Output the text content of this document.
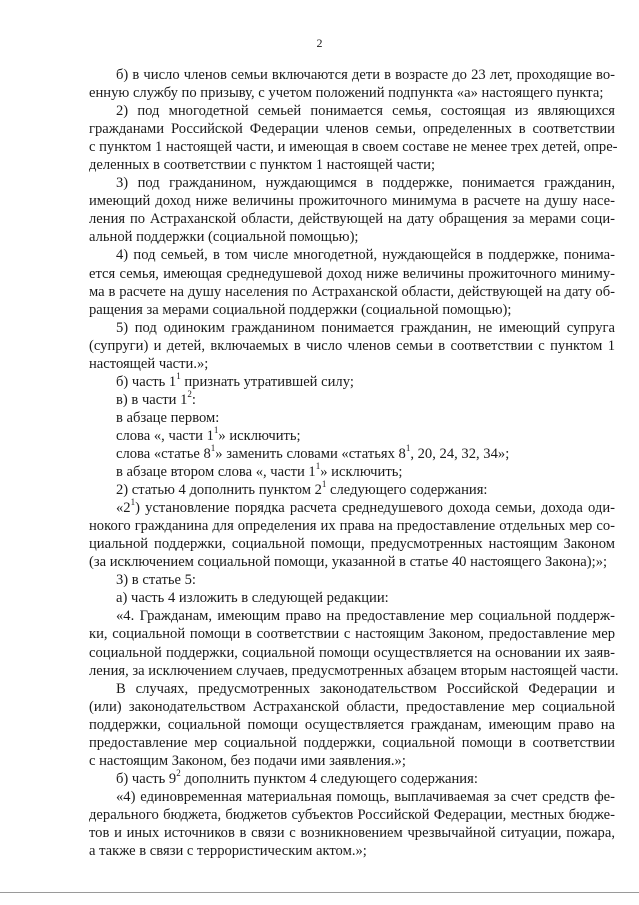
2
б) в число членов семьи включаются дети в возрасте до 23 лет, проходящие во-
енную службу по призыву, с учетом положений подпункта «а» настоящего пункта;
2) под многодетной семьей понимается семья, состоящая из являющихся
гражданами Российской Федерации членов семьи, определенных в соответствии
с пунктом 1 настоящей части, и имеющая в своем составе не менее трех детей, опре-
деленных в соответствии с пунктом 1 настоящей части;
3) под гражданином, нуждающимся в поддержке, понимается гражданин,
имеющий доход ниже величины прожиточного минимума в расчете на душу насе-
ления по Астраханской области, действующей на дату обращения за мерами соци-
альной поддержки (социальной помощью);
4) под семьей, в том числе многодетной, нуждающейся в поддержке, понима-
ется семья, имеющая среднедушевой доход ниже величины прожиточного миниму-
ма в расчете на душу населения по Астраханской области, действующей на дату об-
ращения за мерами социальной поддержки (социальной помощью);
5) под одиноким гражданином понимается гражданин, не имеющий супруга
(супруги) и детей, включаемых в число членов семьи в соответствии с пунктом 1
настоящей части.»;
б) часть $1^1$ признать утратившей силу;
в) в части $1^2$:
в абзаце первом:
слова «, части $1^1$» исключить;
слова «статье $8^1$» заменить словами «статьях $8^1$, 20, 24, 32, 34»;
в абзаце втором слова «, части $1^1$» исключить;
2) статью 4 дополнить пунктом $2^1$ следующего содержания:
«$2^1$) установление порядка расчета среднедушевого дохода семьи, дохода оди-
нокого гражданина для определения их права на предоставление отдельных мер со-
циальной поддержки, социальной помощи, предусмотренных настоящим Законом
(за исключением социальной помощи, указанной в статье 40 настоящего Закона);»;
3) в статье 5:
а) часть 4 изложить в следующей редакции:
«4. Гражданам, имеющим право на предоставление мер социальной поддерж-
ки, социальной помощи в соответствии с настоящим Законом, предоставление мер
социальной поддержки, социальной помощи осуществляется на основании их заяв-
ления, за исключением случаев, предусмотренных абзацем вторым настоящей части.
В случаях, предусмотренных законодательством Российской Федерации и
(или) законодательством Астраханской области, предоставление мер социальной
поддержки, социальной помощи осуществляется гражданам, имеющим право на
предоставление мер социальной поддержки, социальной помощи в соответствии
с настоящим Законом, без подачи ими заявления.»;
б) часть $9^2$ дополнить пунктом 4 следующего содержания:
«4) единовременная материальная помощь, выплачиваемая за счет средств фе-
дерального бюджета, бюджетов субъектов Российской Федерации, местных бюдже-
тов и иных источников в связи с возникновением чрезвычайной ситуации, пожара,
а также в связи с террористическим актом.»;
